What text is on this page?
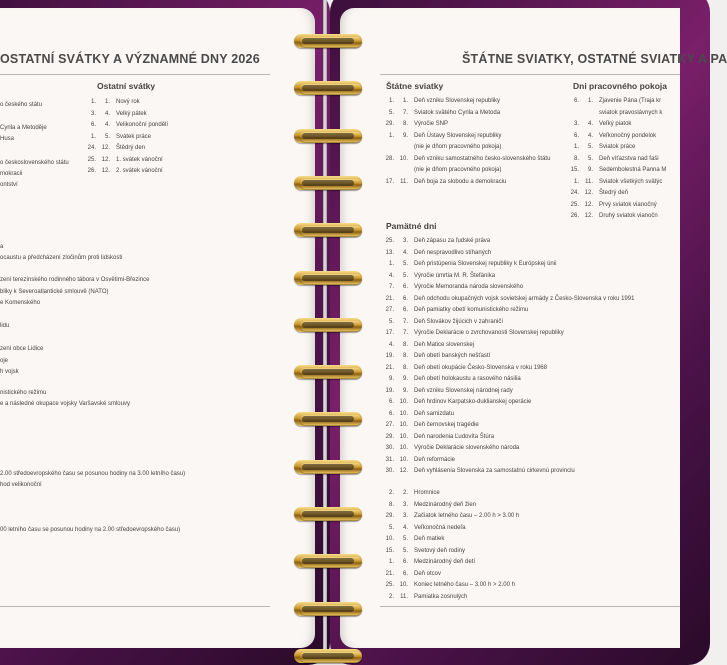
OSTATNÍ SVÁTKY A VÝZNAMNÉ DNY 2026
Ostatní svátky
1. 1. Nový rok
3. 4. Velký pátek
6. 4. Velikonoční pondělí
1. 5. Svátek práce
24. 12. Štědrý den
25. 12. 1. svátek vánoční
26. 12. 2. svátek vánoční
o českého státu
Cyrila a Metoděje
Husa
o československého státu
mokracii
ontství
a
ocaustu a předcházení zločinům proti lidskosti
zení terezínského rodinného tábora v Osvětimi-Březince
bliky k Severoatlantické smlouvě (NATO)
e Komenského
lidu
zení obce Lidice
oje
h vojsk
nistického režimu
e a následné okupace vojsky Varšavské smlouvy
2.00 středoevropského času se posunou hodiny na 3.00 letního času)
hod velikonoční
00 letního času se posunou hodiny na 2.00 středoevropského času)
ŠTÁTNE SVIATKY, OSTATNÉ SVIATKY A PA
Štátne sviatky	Dni pracovného pokoja
Pamätné dni
1. 1. Deň vzniku Slovenskej republiky
5. 7. Sviatok svätého Cyrila a Metoda
29. 8. Výročie SNP
1. 9. Deň Ústavy Slovenskej republiky
(nie je dňom pracovného pokoja)
28. 10. Deň vzniku samostatného česko-slovenského štátu
(nie je dňom pracovného pokoja)
17. 11. Deň boja za slobodu a demokraciu
6. 1. Zjavenie Pána (Traja kr
sviatok pravoslávnych k
3. 4. Veľký piatok
6. 4. Veľkonočný pondelok
1. 5. Sviatok práce
8. 5. Deň víťazstva nad faši
15. 9. Sedembolestná Panna M
1. 11. Sviatok všetkých svätýc
24. 12. Štedrý deň
25. 12. Prvý sviatok vianočný
26. 12. Druhý sviatok vianočn
25. 3. Deň zápasu za ľudské práva
13. 4. Deň nespravodlivo stíhaných
1. 5. Deň pristúpenia Slovenskej republiky k Európskej únii
4. 5. Výročie úmrtia M. R. Štefánika
7. 6. Výročie Memoranda národa slovenského
21. 6. Deň odchodu okupačných vojsk sovietskej armády z Česko-Slovenska v roku 1991
27. 6. Deň pamiatky obetí komunistického režimu
5. 7. Deň Slovákov žijúcich v zahraničí
17. 7. Výročie Deklarácie o zvrchovanosti Slovenskej republiky
4. 8. Deň Matice slovenskej
19. 8. Deň obetí banských nešťastí
21. 8. Deň obetí okupácie Česko-Slovenska v roku 1968
9. 9. Deň obetí holokaustu a rasového násilia
19. 9. Deň vzniku Slovenskej národnej rady
6. 10. Deň hrdinov Karpatsko-duklianskej operácie
6. 10. Deň samizdatu
27. 10. Deň černovskej tragédie
29. 10. Deň narodenia Ľudovíta Štúra
30. 10. Výročie Deklarácie slovenského národa
31. 10. Deň reformácie
30. 12. Deň vyhlásenia Slovenska za samostatnú cirkevnú provinciu
2. 2. Hromnice
8. 3. Medzinárodný deň žien
29. 3. Začiatok letného času – 2.00 h > 3.00 h
5. 4. Veľkonočná nedeľa
10. 5. Deň matiek
15. 5. Svetový deň rodiny
1. 6. Medzinárodný deň detí
21. 6. Deň otcov
25. 10. Koniec letného času – 3.00 h > 2.00 h
2. 11. Pamiatka zosnulých
